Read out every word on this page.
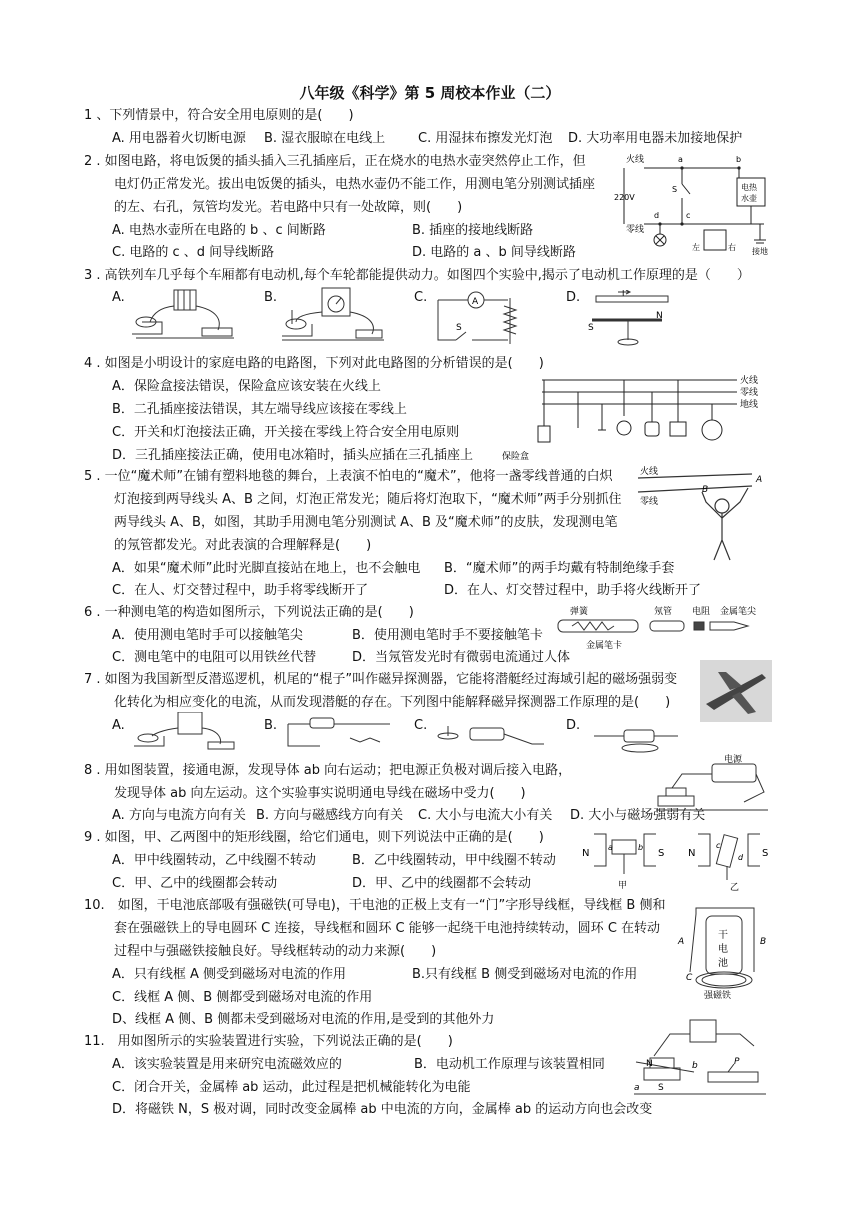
八年级《科学》第 5 周校本作业（二）
1 、下列情景中，符合安全用电原则的是(　　)
A. 用电器着火切断电源 B. 湿衣服晾在电线上	C. 用湿抹布擦发光灯泡 D. 大功率用电器未加接地保护
2 . 如图电路，将电饭煲的插头插入三孔插座后，正在烧水的电热水壶突然停止工作，但
电灯仍正常发光。拔出电饭煲的插头，电热水壶仍不能工作，用测电笔分别测试插座
的左、右孔，氖管均发光。若电路中只有一处故障，则(　　)
A. 电热水壶所在电路的 b 、c 间断路	B. 插座的接地线断路
C. 电路的 c 、d 间导线断路	D. 电路的 a 、b 间导线断路
火线
220V
零线
a	b
c
d
S	电热
水壶
左	右 接地
3 . 高铁列车几乎每个车厢都有电动机,每个车轮都能提供动力。如图四个实验中,揭示了电动机工作原理的是（　　）
A.	B.	C.	D.
A
S
I
S
N
4 . 如图是小明设计的家庭电路的电路图，下列对此电路图的分析错误的是(　　)
A．保险盒接法错误，保险盒应该安装在火线上
B．二孔插座接法错误，其左端导线应该接在零线上
C．开关和灯泡接法正确，开关接在零线上符合安全用电原则
D．三孔插座接法正确，使用电冰箱时，插头应插在三孔插座上
火线
零线
地线
保险盒
5 . 一位“魔术师”在铺有塑料地毯的舞台，上表演不怕电的“魔术”，他将一盏零线普通的白炽
灯泡接到两导线头 A、B 之间，灯泡正常发光；随后将灯泡取下，“魔术师”两手分别抓住
两导线头 A、B，如图，其助手用测电笔分别测试 A、B 及“魔术师”的皮肤，发现测电笔
的氖管都发光。对此表演的合理解释是(　　)
A．如果“魔术师”此时光脚直接站在地上，也不会触电 B．“魔术师”的两手均戴有特制绝缘手套
C．在人、灯交替过程中，助手将零线断开了	D．在人、灯交替过程中，助手将火线断开了
火线
零线
A
B
6 . 一种测电笔的构造如图所示，下列说法正确的是(　　)
A．使用测电笔时手可以接触笔尖	B．使用测电笔时手不要接触笔卡
C．测电笔中的电阻可以用铁丝代替	D．当氖管发光时有微弱电流通过人体
弹簧	氖管 电阻 金属笔尖
金属笔卡
7 . 如图为我国新型反潜巡逻机，机尾的“棍子”叫作磁异探测器，它能将潜艇经过海域引起的磁场强弱变
化转化为相应变化的电流，从而发现潜艇的存在。下列图中能解释磁异探测器工作原理的是(　　)
A.	B.	C.	D.
8 . 用如图装置，接通电源，发现导体 ab 向右运动；把电源正负极对调后接入电路，
发现导体 ab 向左运动。这个实验事实说明通电导线在磁场中受力(　　)
A. 方向与电流方向有关 B. 方向与磁感线方向有关 C. 大小与电流大小有关 D. 大小与磁场强弱有关
电源
9 . 如图，甲、乙两图中的矩形线圈，给它们通电，则下列说法中正确的是(　　)
A．甲中线圈转动，乙中线圈不转动	B．乙中线圈转动，甲中线圈不转动
C．甲、乙中的线圈都会转动	D．甲、乙中的线圈都不会转动
N	S
甲
N	S
乙
a	b	c
d
10.　如图，干电池底部吸有强磁铁(可导电)，干电池的正极上支有一“门”字形导线框，导线框 B 侧和
套在强磁铁上的导电圆环 C 连接，导线框和圆环 C 能够一起绕干电池持续转动，圆环 C 在转动
过程中与强磁铁接触良好。导线框转动的动力来源(　　)
A．只有线框 A 侧受到磁场对电流的作用	B.只有线框 B 侧受到磁场对电流的作用
C．线框 A 侧、B 侧都受到磁场对电流的作用
D、线框 A 侧、B 侧都未受到磁场对电流的作用,是受到的其他外力
干
电
池
A	B
C
强磁铁
11.　用如图所示的实验装置进行实验，下列说法正确的是(　　)
A．该实验装置是用来研究电流磁效应的	B．电动机工作原理与该装置相同
C．闭合开关，金属棒 ab 运动，此过程是把机械能转化为电能
D．将磁铁 N，S 极对调，同时改变金属棒 ab 中电流的方向，金属棒 ab 的运动方向也会改变
N
S
a
b	P
